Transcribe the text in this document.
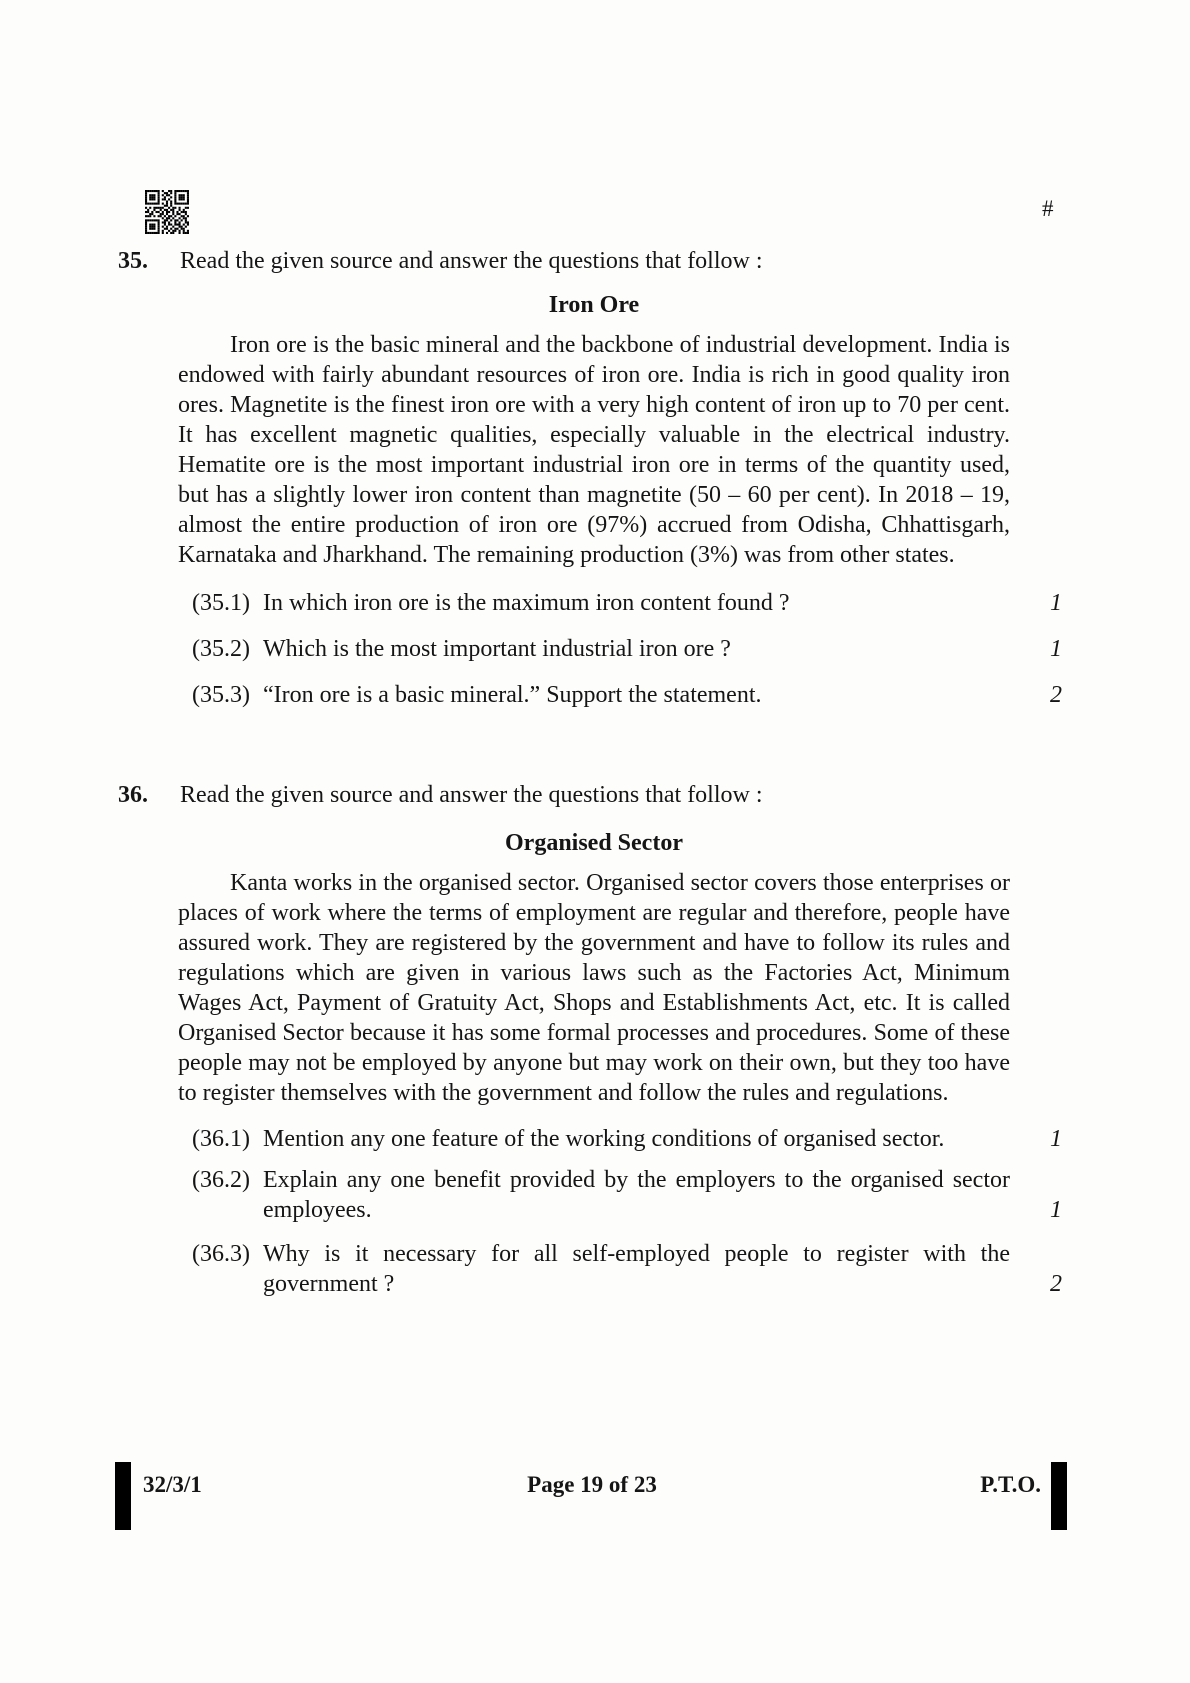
#
35.	Read the given source and answer the questions that follow :
Iron Ore
Iron ore is the basic mineral and the backbone of industrial development. India is endowed with fairly abundant resources of iron ore. India is rich in good quality iron ores. Magnetite is the finest iron ore with a very high content of iron up to 70 per cent. It has excellent magnetic qualities, especially valuable in the electrical industry. Hematite ore is the most important industrial iron ore in terms of the quantity used, but has a slightly lower iron content than magnetite (50 – 60 per cent). In 2018 – 19, almost the entire production of iron ore (97%) accrued from Odisha, Chhattisgarh, Karnataka and Jharkhand. The remaining production (3%) was from other states.
(35.1) In which iron ore is the maximum iron content found ?	1
(35.2) Which is the most important industrial iron ore ?	1
(35.3) “Iron ore is a basic mineral.” Support the statement.	2
36.	Read the given source and answer the questions that follow :
Organised Sector
Kanta works in the organised sector. Organised sector covers those enterprises or places of work where the terms of employment are regular and therefore, people have assured work. They are registered by the government and have to follow its rules and regulations which are given in various laws such as the Factories Act, Minimum Wages Act, Payment of Gratuity Act, Shops and Establishments Act, etc. It is called Organised Sector because it has some formal processes and procedures. Some of these people may not be employed by anyone but may work on their own, but they too have to register themselves with the government and follow the rules and regulations.
(36.1) Mention any one feature of the working conditions of organised sector.	1
(36.2) Explain any one benefit provided by the employers to the organised sector employees.	1
(36.3) Why is it necessary for all self-employed people to register with the government ?	2
32/3/1	Page 19 of 23	P.T.O.
